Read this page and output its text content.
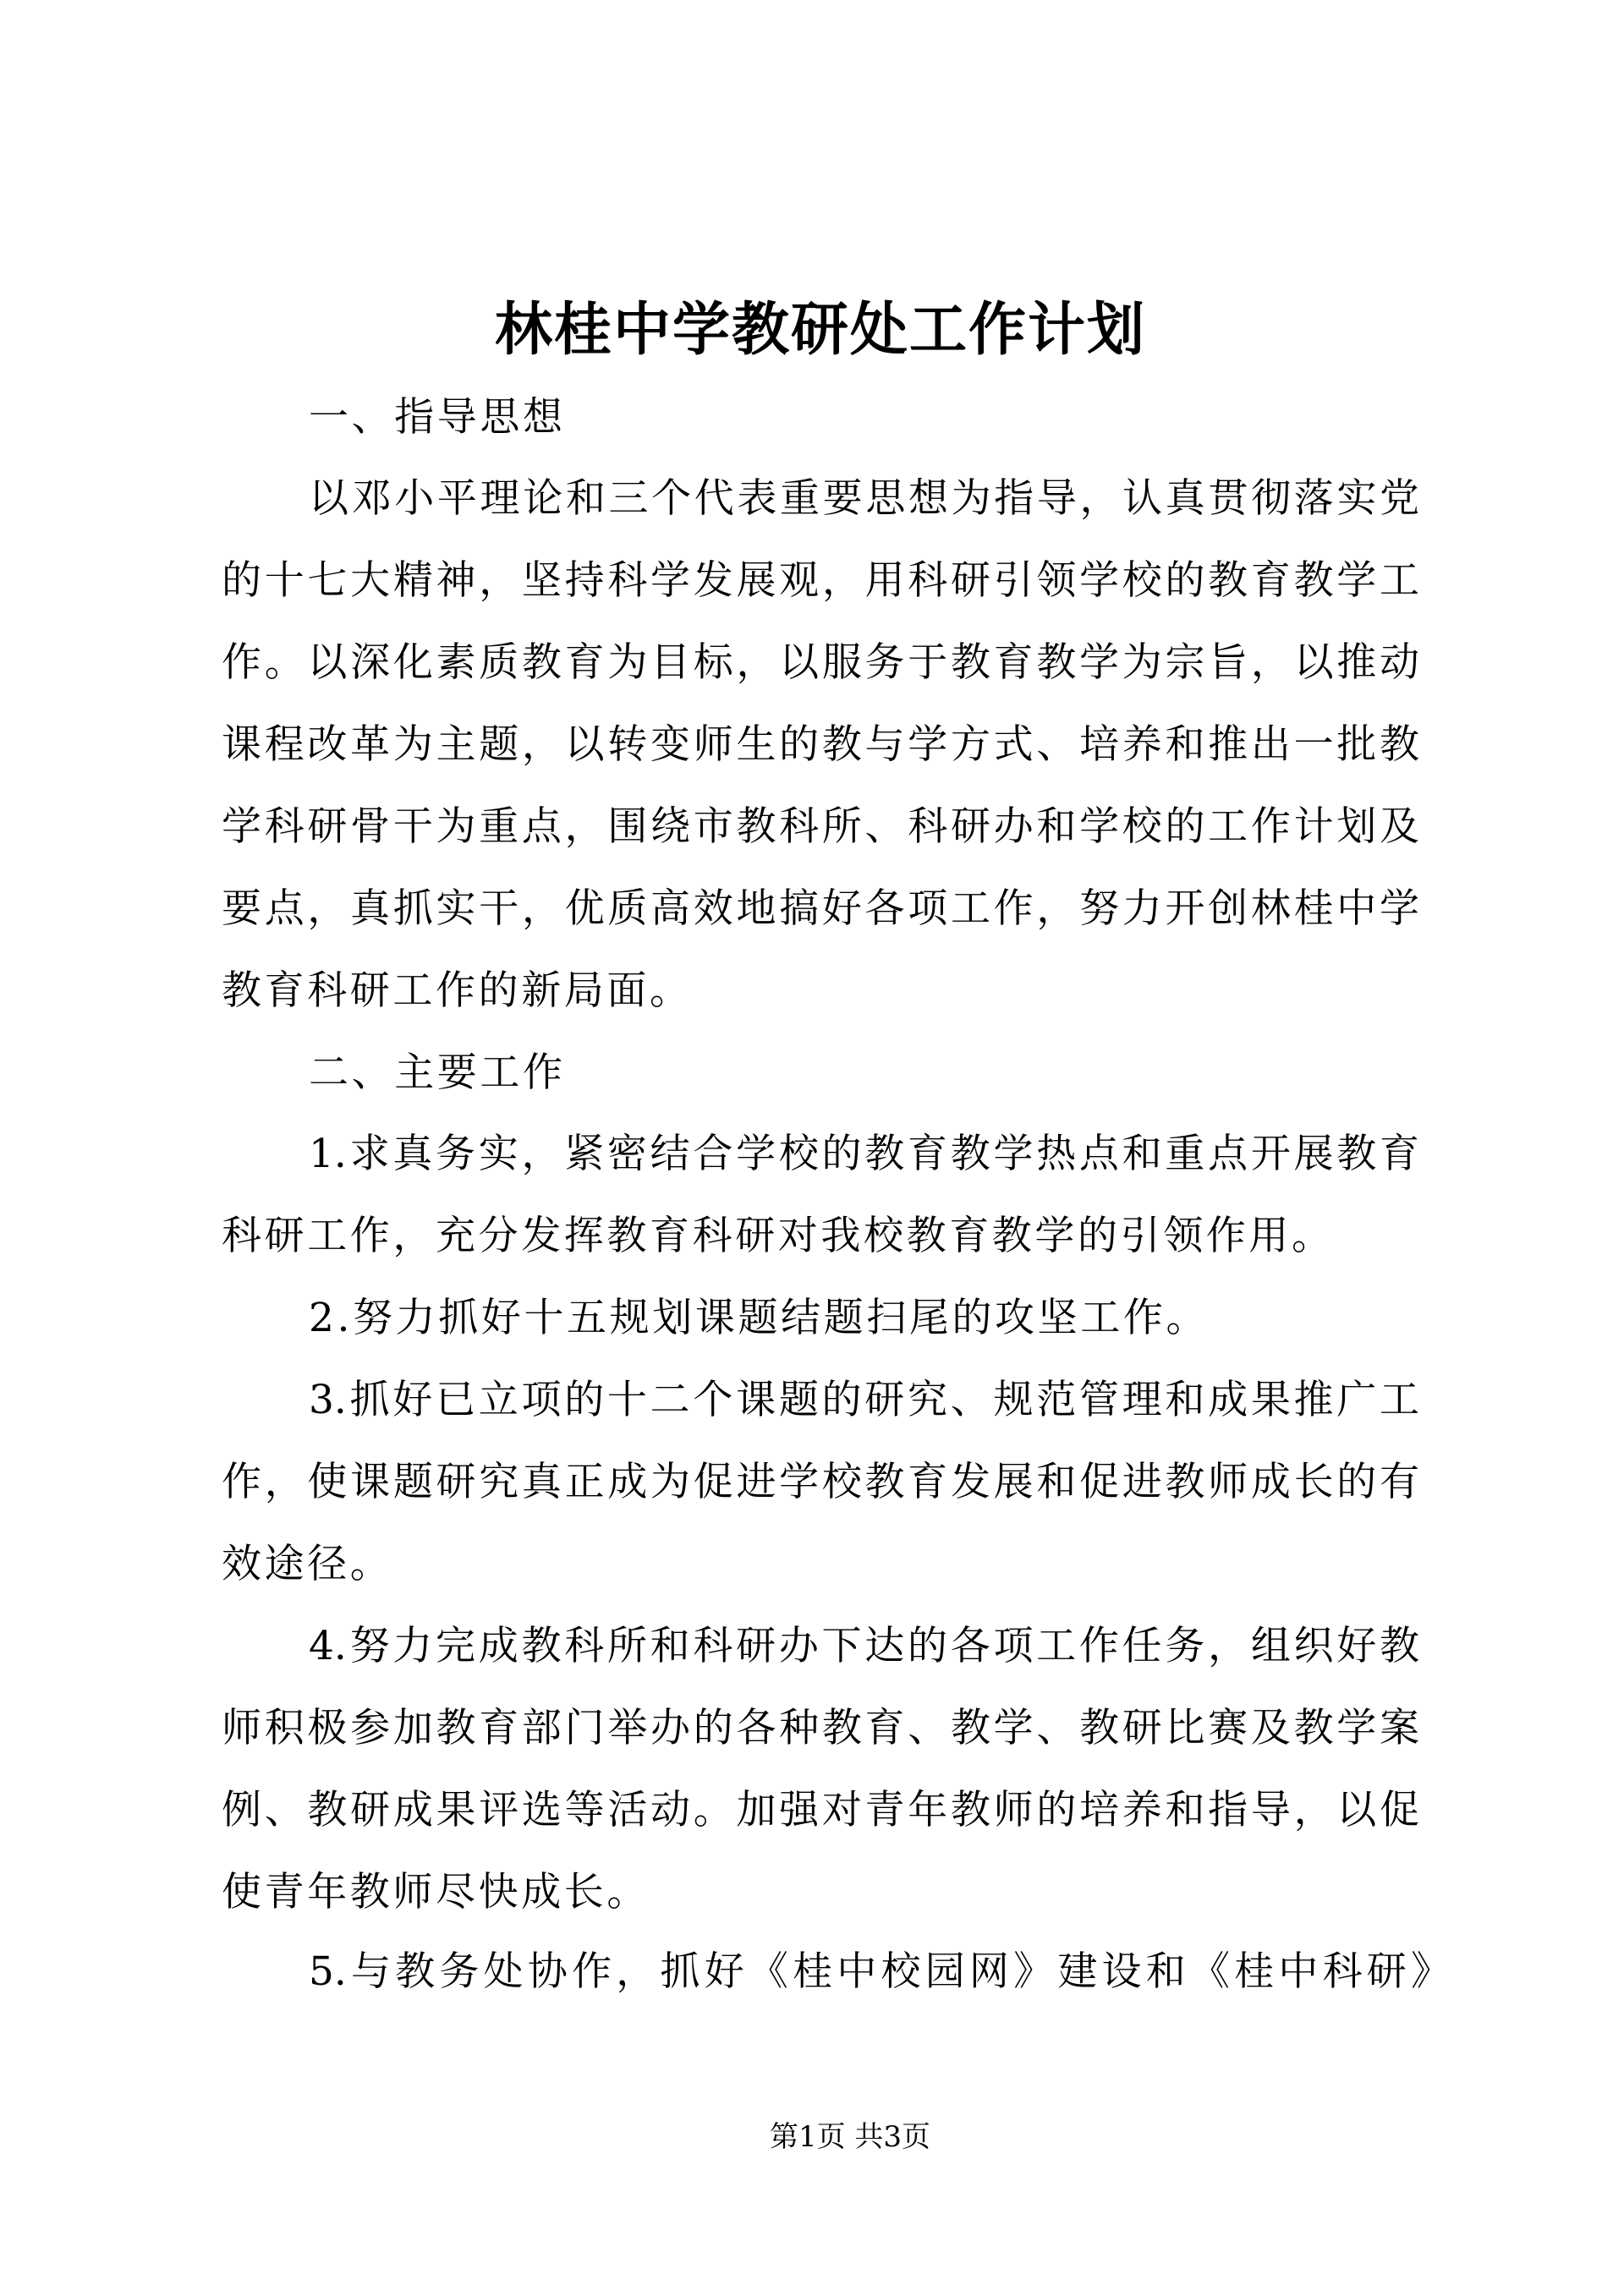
林桂中学教研处工作计划
一、指导思想
以邓小平理论和三个代表重要思想为指导，认真贯彻落实党
的十七大精神，坚持科学发展观，用科研引领学校的教育教学工
作。以深化素质教育为目标，以服务于教育教学为宗旨，以推动
课程改革为主题，以转变师生的教与学方式、培养和推出一批教
学科研骨干为重点，围绕市教科所、科研办和学校的工作计划及
要点，真抓实干，优质高效地搞好各项工作，努力开创林桂中学
教育科研工作的新局面。
二、主要工作
1.求真务实，紧密结合学校的教育教学热点和重点开展教育
科研工作，充分发挥教育科研对我校教育教学的引领作用。
2.努力抓好十五规划课题结题扫尾的攻坚工作。
3.抓好已立项的十二个课题的研究、规范管理和成果推广工
作，使课题研究真正成为促进学校教育发展和促进教师成长的有
效途径。
4.努力完成教科所和科研办下达的各项工作任务，组织好教
师积极参加教育部门举办的各种教育、教学、教研比赛及教学案
例、教研成果评选等活动。加强对青年教师的培养和指导，以促
使青年教师尽快成长。
5.与教务处协作，抓好《桂中校园网》建设和《桂中科研》
第1页 共3页
